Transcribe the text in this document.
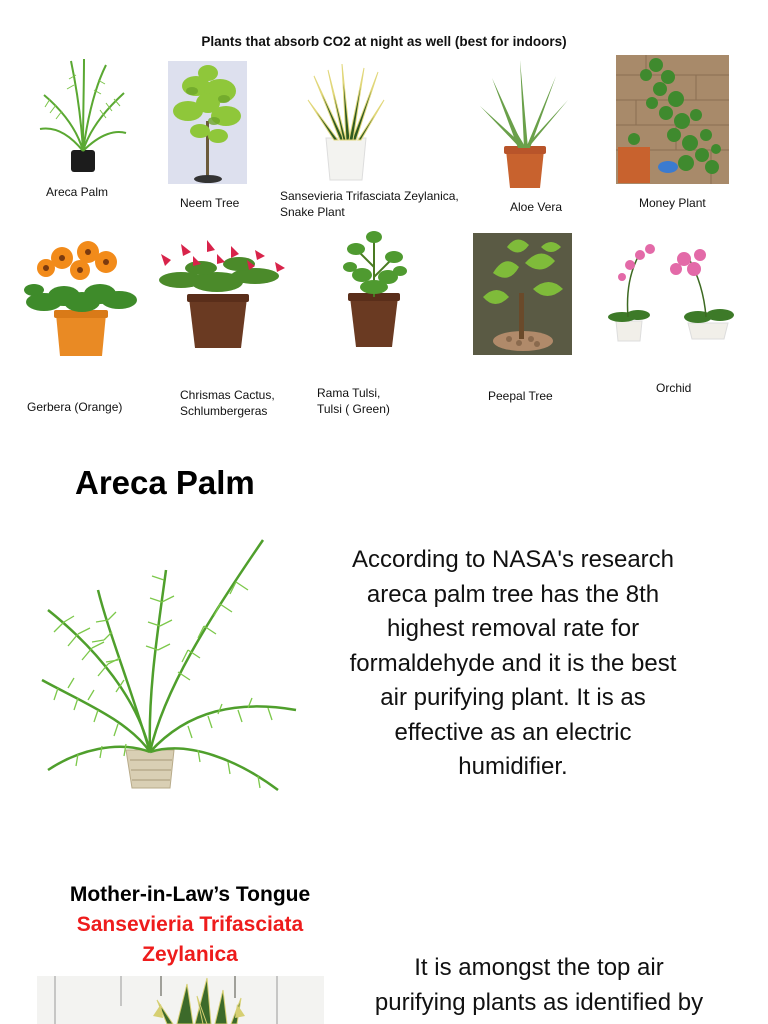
Plants that absorb CO2 at night as well (best for indoors)
Areca Palm
Neem Tree	Sansevieria Trifasciata Zeylanica,
Snake Plant	Aloe Vera	Money Plant
Gerbera (Orange)
Chrismas Cactus,
Schlumbergeras
Rama Tulsi,
Tulsi ( Green)
Peepal Tree
Orchid
Areca Palm
According to NASA's research
areca palm tree has the 8th
highest removal rate for
formaldehyde and it is the best
air purifying plant. It is as
effective as an electric
humidifier.
Mother-in-Law’s Tongue
Sansevieria Trifasciata
Zeylanica	It is amongst the top air
purifying plants as identified by
